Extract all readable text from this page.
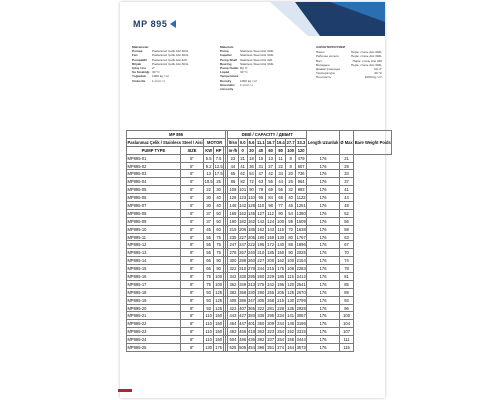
MP 895
Malzemeler
Pompa	Paslanmaz Çelik Aisi 304L
Fan	Paslanmaz Çelik Aisi 304L
PompaMil	Paslanmaz Çelik Aisi 420
Bilyalı	Paslanmaz Çelik Aisi 304L
Çıkış Ucu	2"
Su Sıcaklığı 30 °C
Yoğunluk	1000 kg / m³
Viskozite	1 mm² / s
Materials
Pump	Stainless Steel Aisi 304L
Impeller	Stainless Steel Aisi 304L
Pump Shaft Stainless Steel Aisi 420
Bearing	Stainless Steel Aisi 304L
Pump Outlet Rp 3"
Liquid Temperature
30 °C
Density	1000 kg / m³
Kinematic viscosity
1 mm² / s
ХАРАКТЕРИСТИКИ
Насос	Нерж. сталь Aisi 304L
Рабочее колесо	Нерж. сталь Aisi 304L
Вал	Нерж. сталь Aisi 420
Вкладыш	Нерж. сталь Aisi 304L
Диаметр выхода	Rp 3"
Температура	30 °C
Плотность	1000 kg / m³
MP 895						DEBİ / CAPACITY / ДЕБИТ								Length Uzunluk	Ø Max	Bare Weight Poids
Paslanmaz Çelik / Stainless Steel / Aisi		MOTOR				lt/sn	0.0	5.6	11.1	16.7	19.4	27.7	33.3			
PUMP TYPE	SIZE	KW	HP			m³/h	0	20	40	60	80	100	120			
MP895-01	6"	5.5	7.5			23	21	18	15	13	11	8	479	176	21	
MP895-02	6"	9.2	12.5			44	41	36	31	27	22	8	607	176	29	
MP895-03	6"	13	17.5			65	62	54	47	42	34	20	736	176	33	
MP895-04	6"	18.5	25			86	82	72	63	55	44	26	864	176	37	
MP895-05	6"	22	30			108	101	90	78	69	56	32	993	176	41	
MP895-06	6"	30	40			128	123	110	95	84	68	40	1122	176	44	
MP895-07	6"	30	40			148	142	128	110	98	77	45	1251	176	48	
MP895-08	6"	37	50			168	162	145	127	112	90	54	1380	176	52	
MP895-09	6"	37	50			190	182	162	142	124	100	59	1509	176	56	
MP895-10	8"	45	60			215	206	185	162	143	115	70	1638	176	59	
MP895-11	8"	55	75			235	227	205	180	159	130	80	1767	176	63	
MP895-12	8"	55	75			247	247	222	195	172	140	88	1896	176	67	
MP895-13	8"	55	75			278	267	240	210	185	150	90	2025	176	70	
MP895-14	8"	66	90			300	288	260	227	200	162	100	2154	176	74	
MP895-15	8"	66	90			322	310	278	244	215	175	108	2283	176	78	
MP895-16	8"	75	100			342	330	295	260	229	186	115	2412	176	81	
MP895-17	8"	75	100			362	349	313	275	242	196	120	2541	176	85	
MP895-18	8"	93	125			382	368	330	290	255	205	125	2670	176	89	
MP895-19	8"	93	125			408	386	347	305	268	215	130	2799	176	93	
MP895-20	8"	93	125			422	407	365	322	281	228	135	2928	176	96	
MP895-21	8"	110	150			443	427	383	335	295	234	141	3057	176	100	
MP895-22	8"	110	150			464	447	401	350	309	244	146	3186	176	104	
MP895-23	8"	110	150			483	466	418	363	323	254	152	3315	176	107	
MP895-24	8"	110	150			504	486	436	382	337	264	158	3444	176	111	
MP895-25	8"	130	175			525	506	454	395	351	274	164	3573	176	115	
